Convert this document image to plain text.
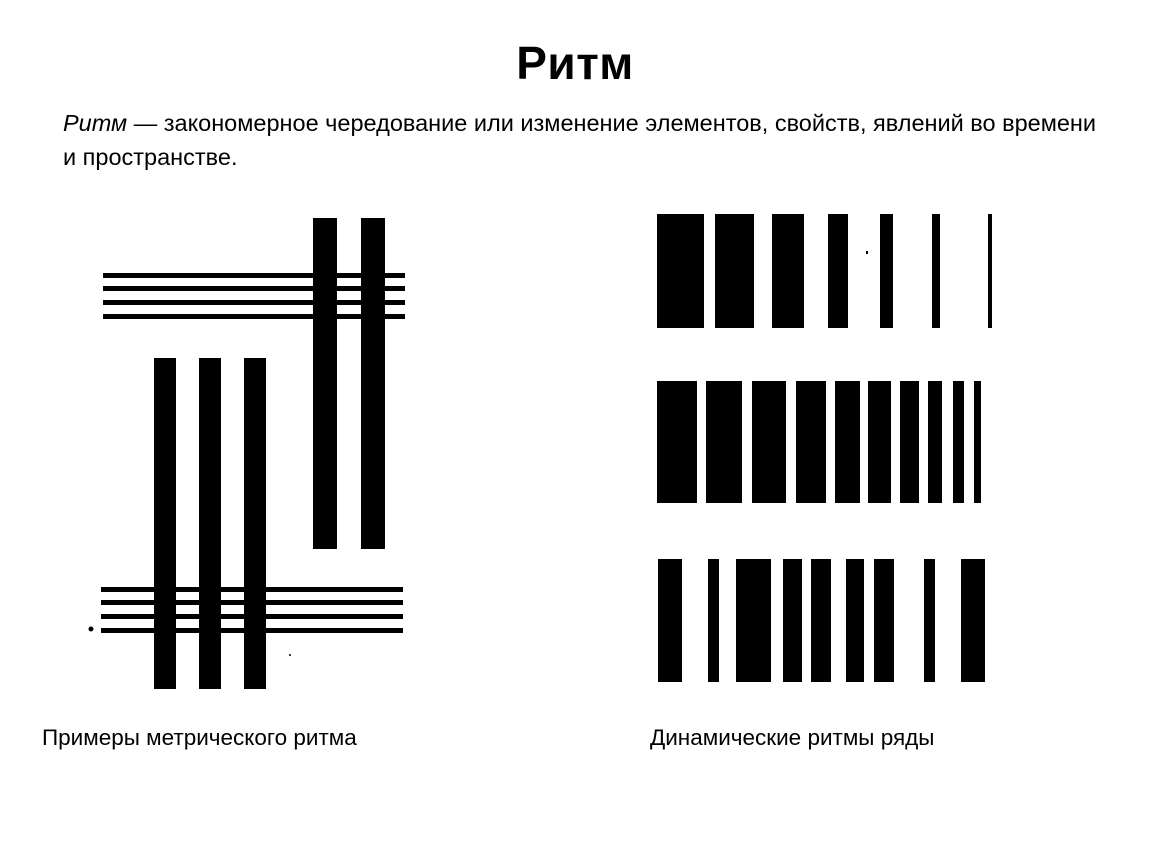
Ритм
Ритм — закономерное чередование или изменение элементов, свойств, явлений во времени и пространстве.
Примеры метрического ритма	Динамические ритмы ряды
